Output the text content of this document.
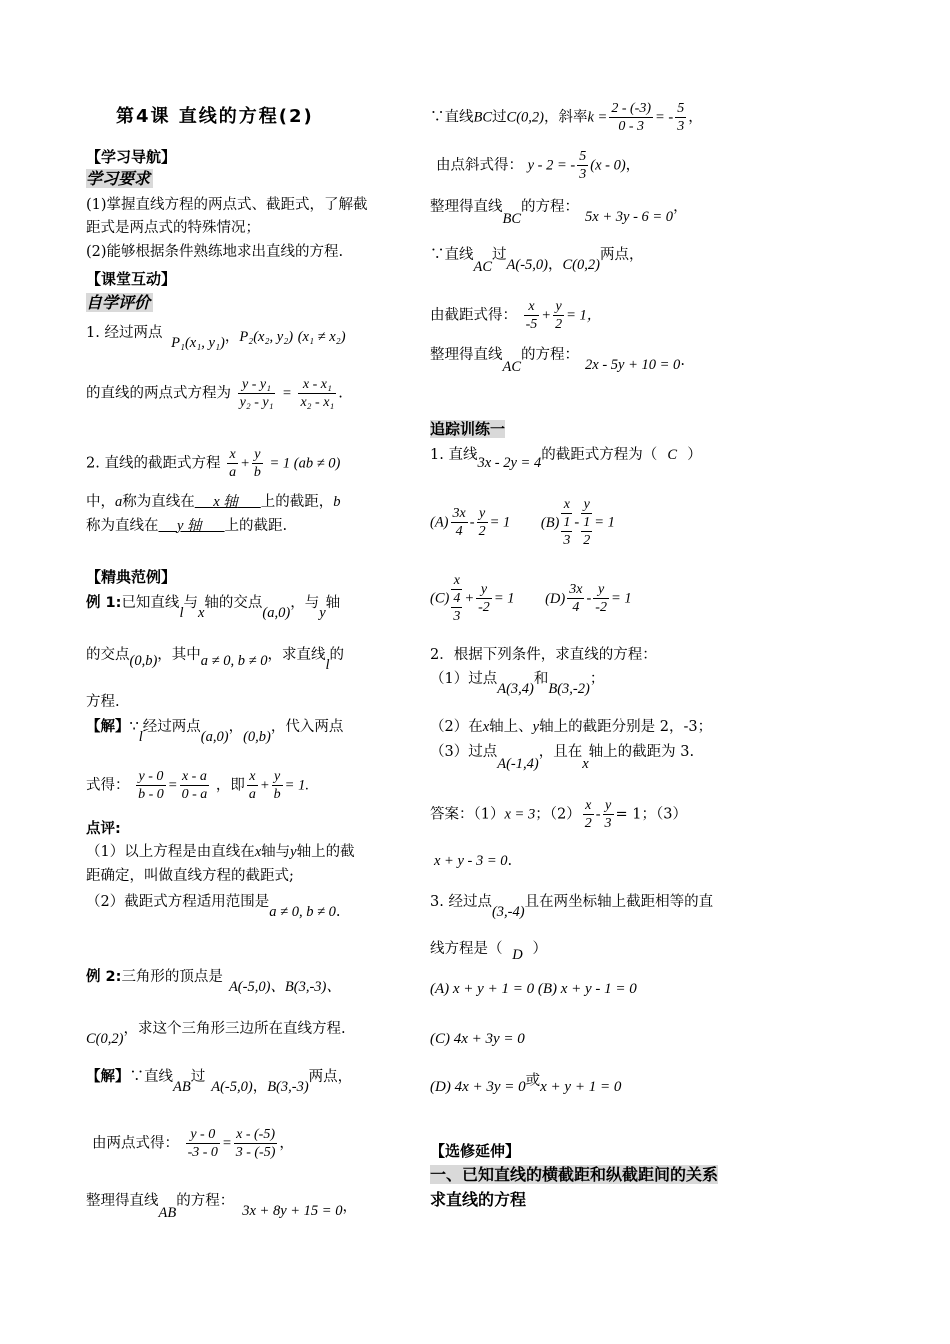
第4课 直线的方程(2)
【学习导航】
学习要求
(1)掌握直线方程的两点式、截距式，了解截
距式是两点式的特殊情况；
(2)能够根据条件熟练地求出直线的方程.
【课堂互动】
自学评价
1. 经过两点 P₁(x₁, y₁)，P₂(x₂, y₂) (x₁ ≠ x₂)
的直线的两点式方程为 $\frac{\text{y - y₁}}{\text{y₂ - y₁}} = \frac{\text{x - x₁}}{\text{x₂ - x₁}}$ .
2. 直线的截距式方程 $\frac{x}{a} + \frac{y}{b} = 1$ (ab ≠ 0)
中，a称为直线在 x 轴 上的截距，b
称为直线在 y 轴 上的截距.
【精典范例】
例 1:已知直线l与x轴的交点(a,0)，与y轴
的交点(0,b)，其中a ≠ 0, b ≠ 0，求直线l的
方程.
【解】∵l经过两点(a,0)，(0,b)，代入两点
式得： $\frac{y - 0}{b - 0} = \frac{x - a}{0 - a}$ ，即 $\frac{x}{a} + \frac{y}{b} = 1$.
点评:
（1）以上方程是由直线在x轴与y轴上的截
距确定，叫做直线方程的截距式;
（2）截距式方程适用范围是a ≠ 0, b ≠ 0.
例 2:三角形的顶点是A(-5,0)、B(3,-3)、
C(0,2)，求这个三角形三边所在直线方程.
【解】∵直线AB过A(-5,0)，B(3,-3)两点，
由两点式得： $\frac{y - 0}{-3 - 0} = \frac{x - (-5)}{3 - (-5)}$ ，
整理得直线AB的方程：3x + 8y + 15 = 0，
∵直线BC过C(0,2)，斜率$k = \frac{2 - (-3)}{0 - 3}$ = - $\frac{5}{3}$ ，
由点斜式得： y - 2 = - $\frac{5}{3} (x - 0)$，
整理得直线BC的方程：5x + 3y - 6 = 0，
∵直线AC过A(-5,0)，C(0,2)两点，
由截距式得： $\frac{x}{-5} + \frac{y}{2} = 1$，
整理得直线AC的方程：2x - 5y + 10 = 0.
追踪训练一
1. 直线3x - 2y = 4的截距式方程为（ C ）
$(A) \frac{3x}{4} - \frac{y}{2} = 1$ (B)
x
1
3
-
y
1
2
= 1
(C)
x
4
3
+ $\frac{y}{-2} = 1$ $(D) \frac{3x}{4} - \frac{y}{-2} = 1$
2．根据下列条件，求直线的方程：
（1）过点A(3,4)和B(3,-2)；
（2）在x轴上、y轴上的截距分别是 2，-3；
（3）过点A(-1,4)，且在x轴上的截距为 3.
答案：（1）x = 3；$(2) \frac{x}{2} - \frac{y}{3} = 1$；（3）
x + y - 3 = 0.
3. 经过点(3,-4)且在两坐标轴上截距相等的直
线方程是（ D ）
(A) x + y + 1 = 0 (B) x + y - 1 = 0
(C) 4x + 3y = 0
(D) 4x + 3y = 0或x + y + 1 = 0
【选修延伸】
一、已知直线的横截距和纵截距间的关系
求直线的方程
